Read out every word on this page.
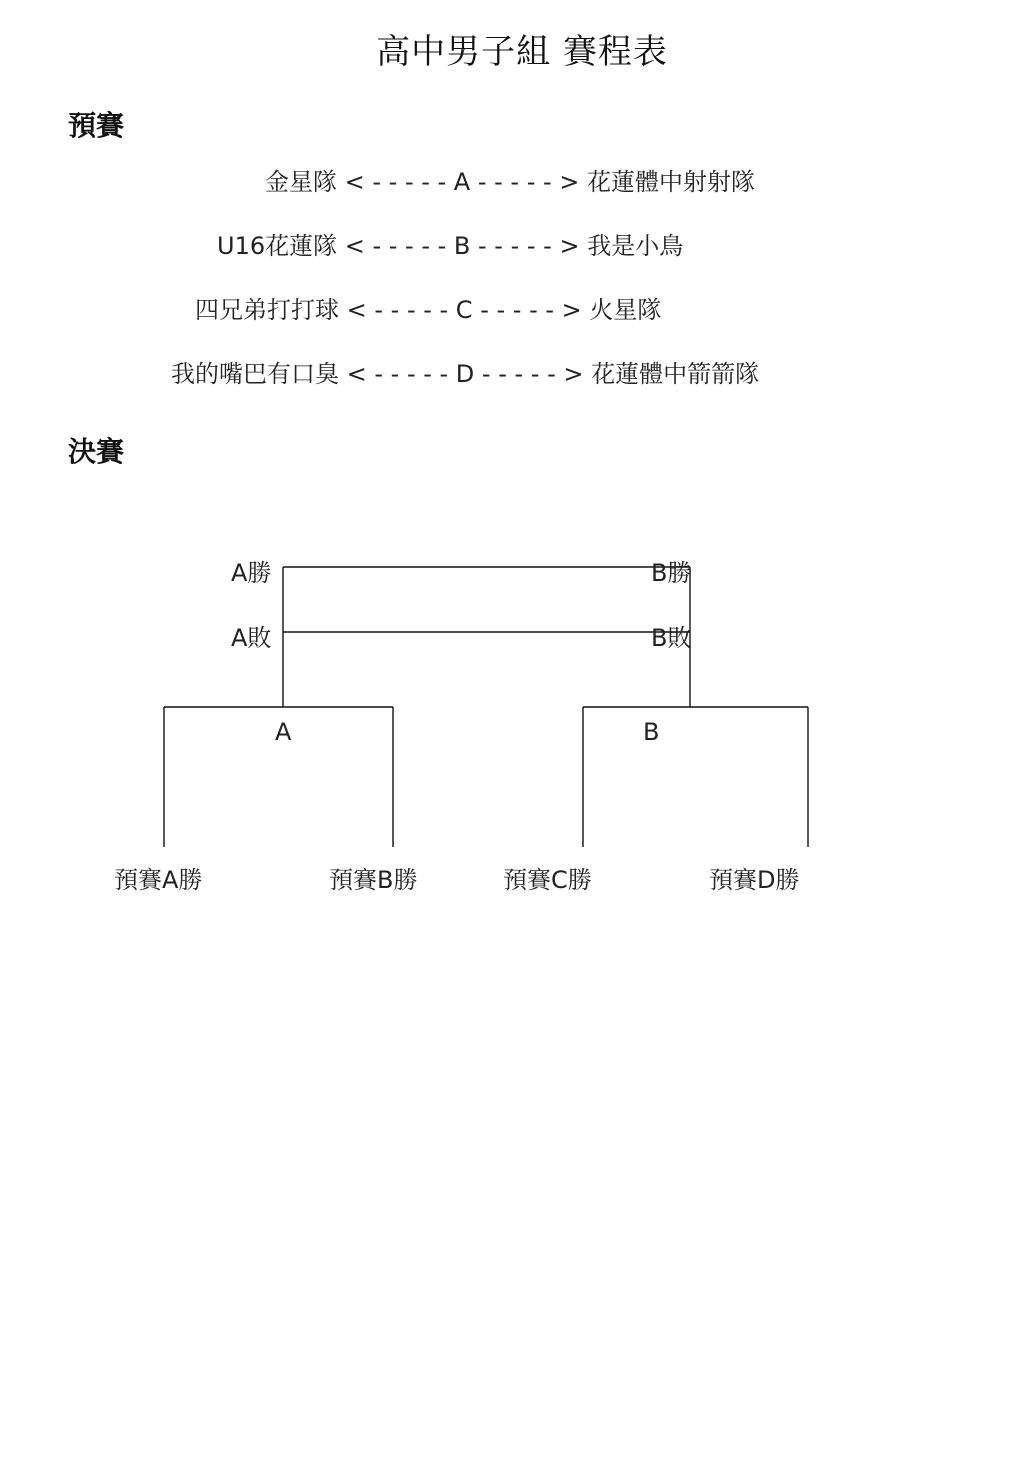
高中男子組 賽程表
預賽
金星隊 < - - - - - A - - - - - > 花蓮體中射射隊
U16花蓮隊 < - - - - - B - - - - - > 我是小鳥
四兄弟打打球 < - - - - - C - - - - - > 火星隊
我的嘴巴有口臭 < - - - - - D - - - - - > 花蓮體中箭箭隊
決賽
A勝
A敗
B勝
B敗
A	B
預賽A勝	預賽B勝	預賽C勝	預賽D勝
